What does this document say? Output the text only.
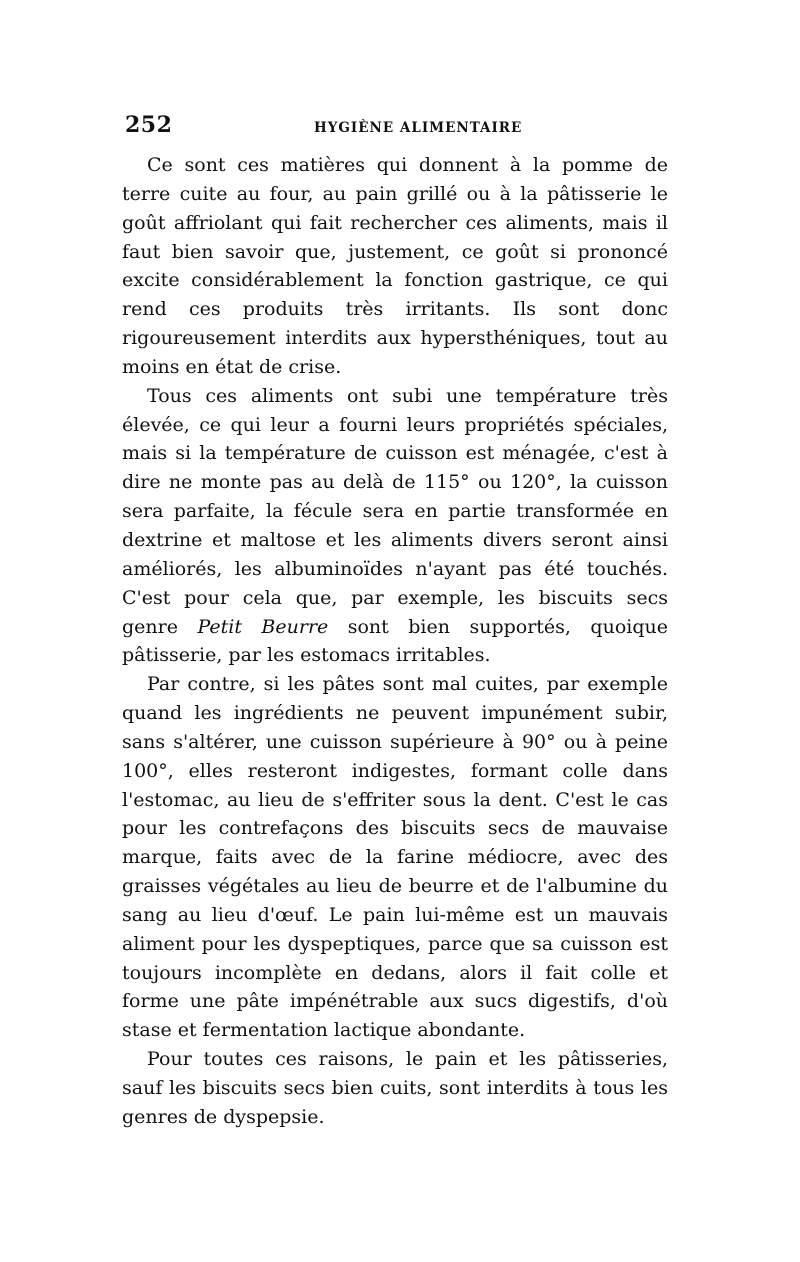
252	HYGIÈNE ALIMENTAIRE

Ce sont ces matières qui donnent à la pomme de terre cuite au four, au pain grillé ou à la pâtisserie le goût affriolant qui fait rechercher ces aliments, mais il faut bien savoir que, justement, ce goût si prononcé excite considérablement la fonction gastrique, ce qui rend ces produits très irritants. Ils sont donc rigoureusement interdits aux hypersthéniques, tout au moins en état de crise.

Tous ces aliments ont subi une température très élevée, ce qui leur a fourni leurs propriétés spéciales, mais si la température de cuisson est ménagée, c'est à dire ne monte pas au delà de 115° ou 120°, la cuisson sera parfaite, la fécule sera en partie transformée en dextrine et maltose et les aliments divers seront ainsi améliorés, les albuminoïdes n'ayant pas été touchés. C'est pour cela que, par exemple, les biscuits secs genre Petit Beurre sont bien supportés, quoique pâtisserie, par les estomacs irritables.

Par contre, si les pâtes sont mal cuites, par exemple quand les ingrédients ne peuvent impunément subir, sans s'altérer, une cuisson supérieure à 90° ou à peine 100°, elles resteront indigestes, formant colle dans l'estomac, au lieu de s'effriter sous la dent. C'est le cas pour les contrefaçons des biscuits secs de mauvaise marque, faits avec de la farine médiocre, avec des graisses végétales au lieu de beurre et de l'albumine du sang au lieu d'œuf. Le pain lui-même est un mauvais aliment pour les dyspeptiques, parce que sa cuisson est toujours incomplète en dedans, alors il fait colle et forme une pâte impénétrable aux sucs digestifs, d'où stase et fermentation lactique abondante.

Pour toutes ces raisons, le pain et les pâtisseries, sauf les biscuits secs bien cuits, sont interdits à tous les genres de dyspepsie.
